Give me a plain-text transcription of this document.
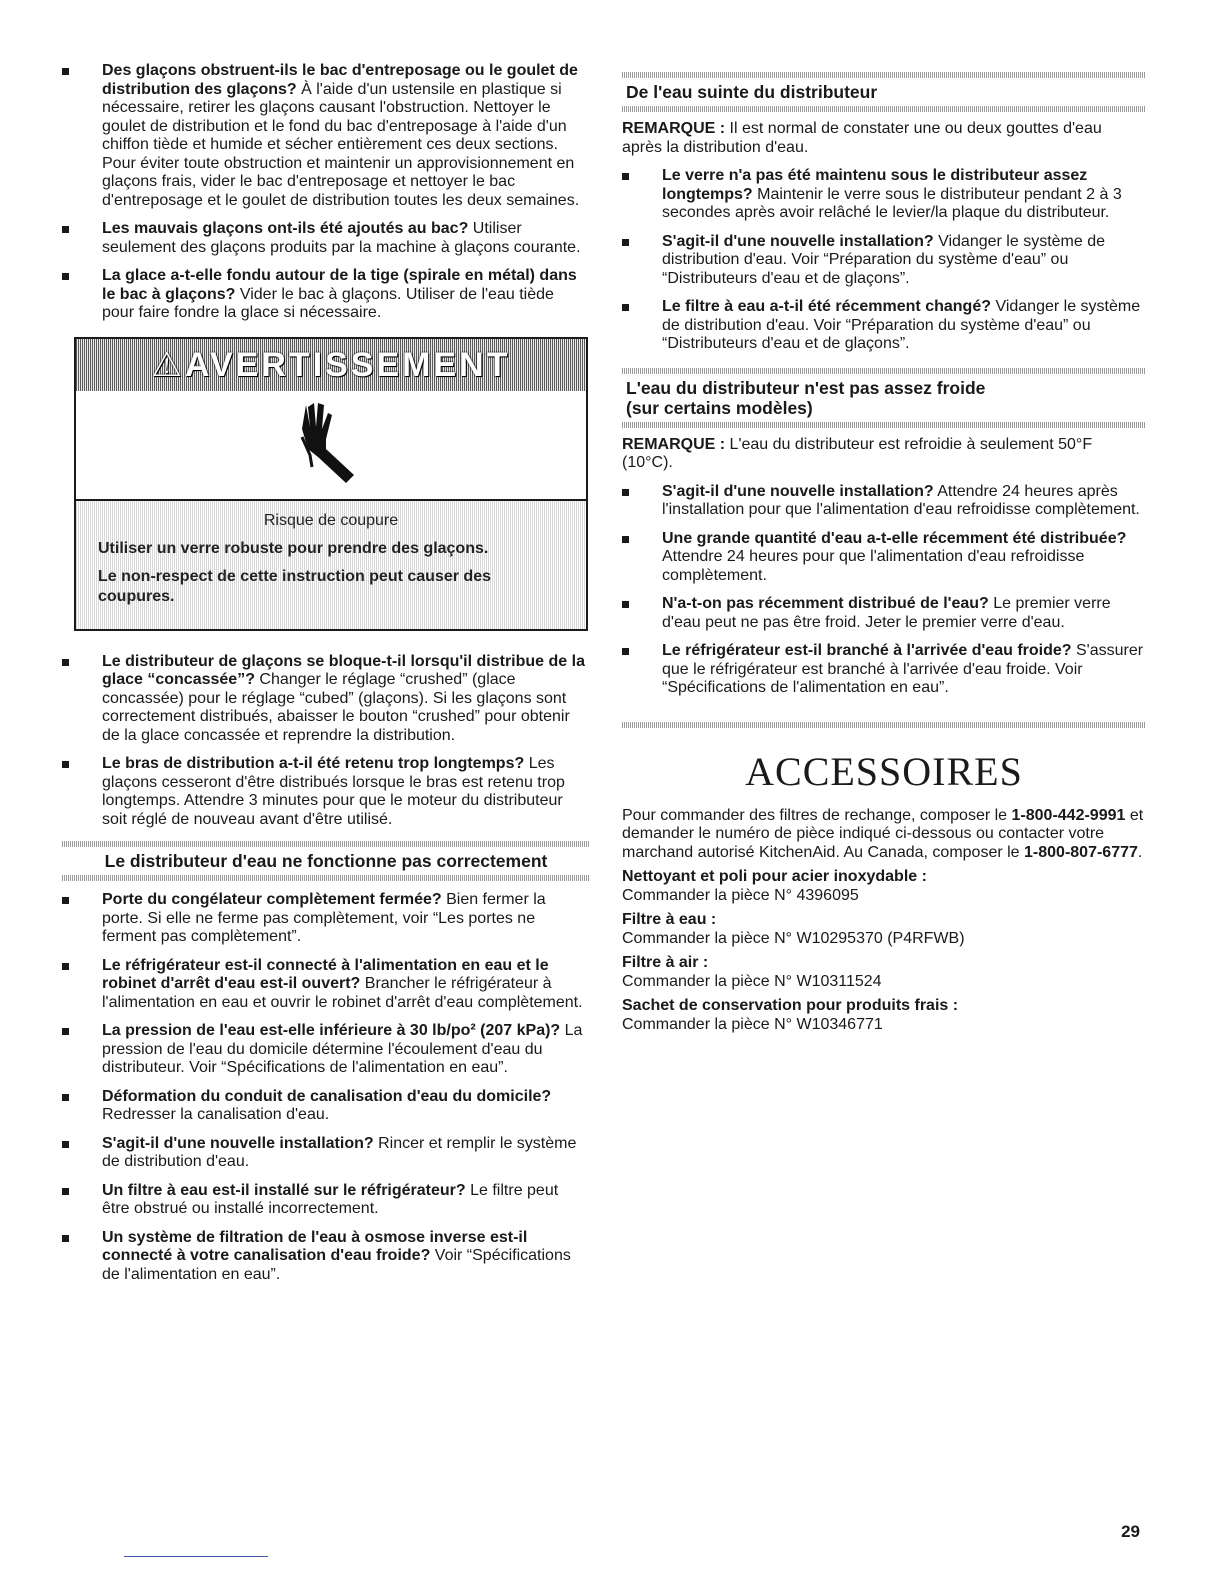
Des glaçons obstruent-ils le bac d'entreposage ou le goulet de distribution des glaçons? À l'aide d'un ustensile en plastique si nécessaire, retirer les glaçons causant l'obstruction. Nettoyer le goulet de distribution et le fond du bac d'entreposage à l'aide d'un chiffon tiède et humide et sécher entièrement ces deux sections. Pour éviter toute obstruction et maintenir un approvisionnement en glaçons frais, vider le bac d'entreposage et nettoyer le bac d'entreposage et le goulet de distribution toutes les deux semaines.
Les mauvais glaçons ont-ils été ajoutés au bac? Utiliser seulement des glaçons produits par la machine à glaçons courante.
La glace a-t-elle fondu autour de la tige (spirale en métal) dans le bac à glaçons? Vider le bac à glaçons. Utiliser de l'eau tiède pour faire fondre la glace si nécessaire.
⚠AVERTISSEMENT

Risque de coupure

Utiliser un verre robuste pour prendre des glaçons.

Le non-respect de cette instruction peut causer des coupures.

Le distributeur de glaçons se bloque-t-il lorsqu'il distribue de la glace “concassée”? Changer le réglage “crushed” (glace concassée) pour le réglage “cubed” (glaçons). Si les glaçons sont correctement distribués, abaisser le bouton “crushed” pour obtenir de la glace concassée et reprendre la distribution.
Le bras de distribution a-t-il été retenu trop longtemps? Les glaçons cesseront d'être distribués lorsque le bras est retenu trop longtemps. Attendre 3 minutes pour que le moteur du distributeur soit réglé de nouveau avant d'être utilisé.
Le distributeur d'eau ne fonctionne pas correctement
Porte du congélateur complètement fermée? Bien fermer la porte. Si elle ne ferme pas complètement, voir “Les portes ne ferment pas complètement”.
Le réfrigérateur est-il connecté à l'alimentation en eau et le robinet d'arrêt d'eau est-il ouvert? Brancher le réfrigérateur à l'alimentation en eau et ouvrir le robinet d'arrêt d'eau complètement.
La pression de l'eau est-elle inférieure à 30 lb/po² (207 kPa)? La pression de l'eau du domicile détermine l'écoulement d'eau du distributeur. Voir “Spécifications de l'alimentation en eau”.
Déformation du conduit de canalisation d'eau du domicile? Redresser la canalisation d'eau.
S'agit-il d'une nouvelle installation? Rincer et remplir le système de distribution d'eau.
Un filtre à eau est-il installé sur le réfrigérateur? Le filtre peut être obstrué ou installé incorrectement.
Un système de filtration de l'eau à osmose inverse est-il connecté à votre canalisation d'eau froide? Voir “Spécifications de l'alimentation en eau”.
De l'eau suinte du distributeur

REMARQUE : Il est normal de constater une ou deux gouttes d'eau après la distribution d'eau.

Le verre n'a pas été maintenu sous le distributeur assez longtemps? Maintenir le verre sous le distributeur pendant 2 à 3 secondes après avoir relâché le levier/la plaque du distributeur.
S'agit-il d'une nouvelle installation? Vidanger le système de distribution d'eau. Voir “Préparation du système d'eau” ou “Distributeurs d'eau et de glaçons”.
Le filtre à eau a-t-il été récemment changé? Vidanger le système de distribution d'eau. Voir “Préparation du système d'eau” ou “Distributeurs d'eau et de glaçons”.
L'eau du distributeur n'est pas assez froide
(sur certains modèles)

REMARQUE : L'eau du distributeur est refroidie à seulement 50°F (10°C).

S'agit-il d'une nouvelle installation? Attendre 24 heures après l'installation pour que l'alimentation d'eau refroidisse complètement.
Une grande quantité d'eau a-t-elle récemment été distribuée? Attendre 24 heures pour que l'alimentation d'eau refroidisse complètement.
N'a-t-on pas récemment distribué de l'eau? Le premier verre d'eau peut ne pas être froid. Jeter le premier verre d'eau.
Le réfrigérateur est-il branché à l'arrivée d'eau froide? S'assurer que le réfrigérateur est branché à l'arrivée d'eau froide. Voir “Spécifications de l'alimentation en eau”.
ACCESSOIRES

Pour commander des filtres de rechange, composer le 1-800-442-9991 et demander le numéro de pièce indiqué ci-dessous ou contacter votre marchand autorisé KitchenAid. Au Canada, composer le 1-800-807-6777.

Nettoyant et poli pour acier inoxydable :
Commander la pièce N° 4396095
Filtre à eau :
Commander la pièce N° W10295370 (P4RFWB)
Filtre à air :
Commander la pièce N° W10311524
Sachet de conservation pour produits frais :
Commander la pièce N° W10346771
29
